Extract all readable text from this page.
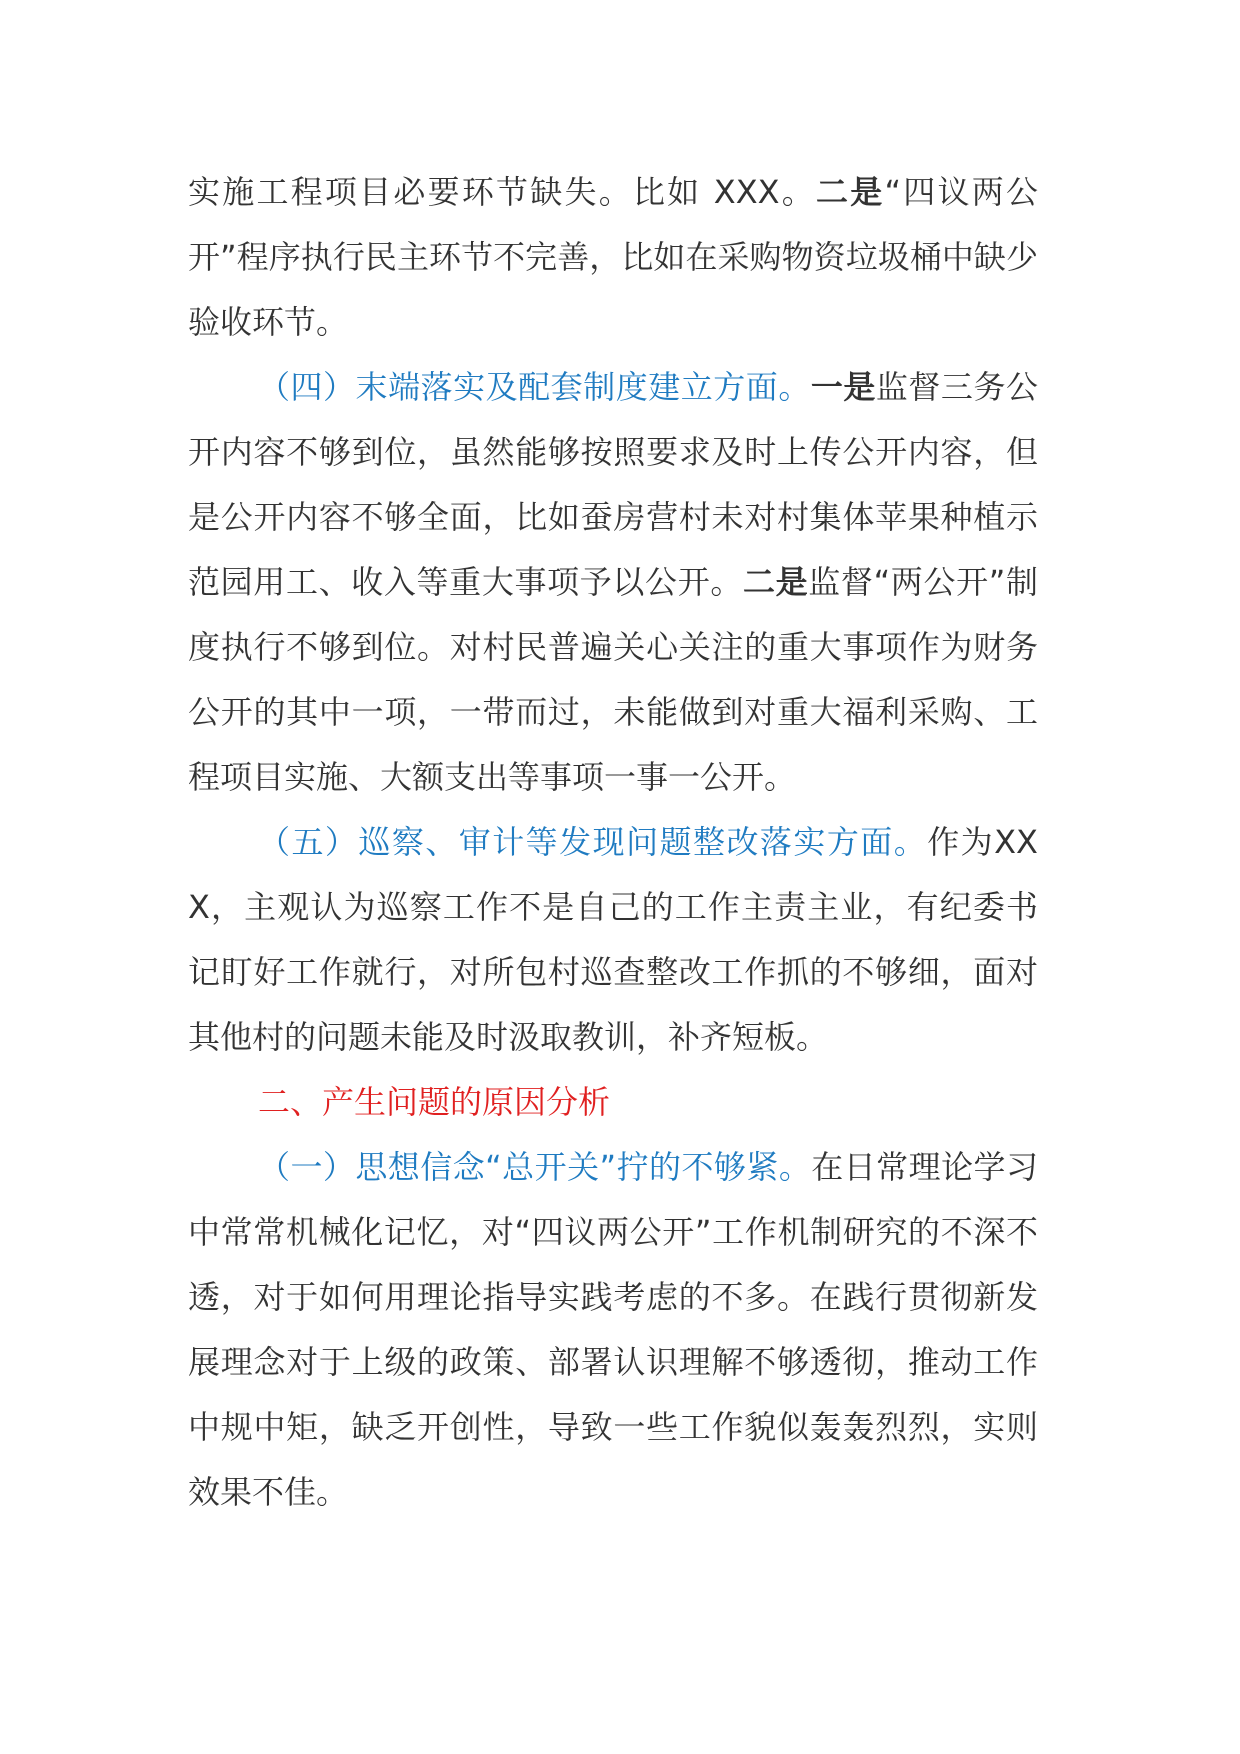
实施工程项目必要环节缺失。比如 XXX。二是“四议两公开”程序执行民主环节不完善，比如在采购物资垃圾桶中缺少验收环节。

（四）末端落实及配套制度建立方面。一是监督三务公开内容不够到位，虽然能够按照要求及时上传公开内容，但是公开内容不够全面，比如蚕房营村未对村集体苹果种植示范园用工、收入等重大事项予以公开。二是监督“两公开”制度执行不够到位。对村民普遍关心关注的重大事项作为财务公开的其中一项，一带而过，未能做到对重大福利采购、工程项目实施、大额支出等事项一事一公开。

（五）巡察、审计等发现问题整改落实方面。作为XXX，主观认为巡察工作不是自己的工作主责主业，有纪委书记盯好工作就行，对所包村巡查整改工作抓的不够细，面对其他村的问题未能及时汲取教训，补齐短板。

二、产生问题的原因分析

（一）思想信念“总开关”拧的不够紧。在日常理论学习中常常机械化记忆，对“四议两公开”工作机制研究的不深不透，对于如何用理论指导实践考虑的不多。在践行贯彻新发展理念对于上级的政策、部署认识理解不够透彻，推动工作中规中矩，缺乏开创性，导致一些工作貌似轰轰烈烈，实则效果不佳。
